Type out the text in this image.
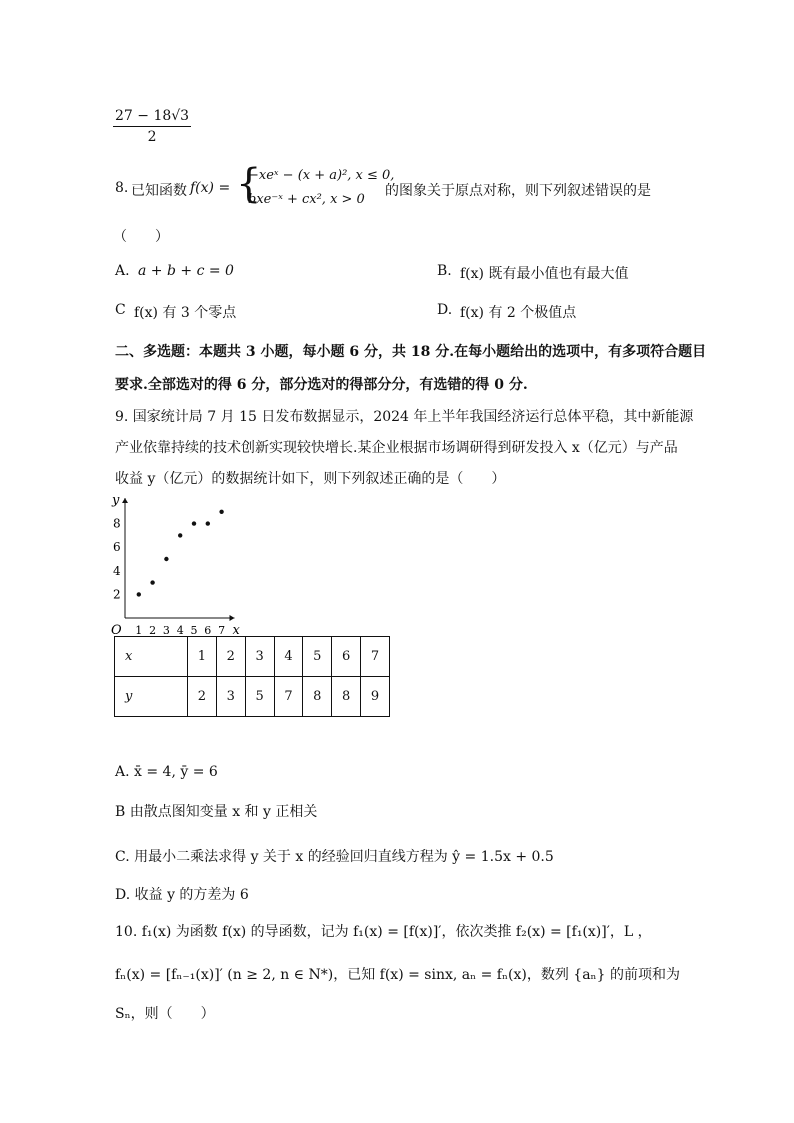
$\frac{27 - 18√3}{2}$
8. 已知函数 f(x) = {
−xeˣ − (x + a)², x ≤ 0,
bxe⁻ˣ + cx², x > 0
的图象关于原点对称，则下列叙述错误的是
（　　）
A. a + b + c = 0	B. f(x) 既有最小值也有最大值
C f(x) 有 3 个零点	D. f(x) 有 2 个极值点
二、多选题：本题共 3 小题，每小题 6 分，共 18 分.在每小题给出的选项中，有多项符合题目
要求.全部选对的得 6 分，部分选对的得部分分，有选错的得 0 分.
9. 国家统计局 7 月 15 日发布数据显示，2024 年上半年我国经济运行总体平稳，其中新能源
产业依靠持续的技术创新实现较快增长.某企业根据市场调研得到研发投入 x（亿元）与产品
收益 y（亿元）的数据统计如下，则下列叙述正确的是（　　）
x
y
O 1 2 3 4 5 6 7
2
4
6
8
x	1	2	3	4	5	6	7
y	2	3	5	7	8	8	9
A. x̄ = 4, ȳ = 6
B 由散点图知变量 x 和 y 正相关
C. 用最小二乘法求得 y 关于 x 的经验回归直线方程为 ŷ = 1.5x + 0.5
D. 收益 y 的方差为 6
10. f₁(x) 为函数 f(x) 的导函数，记为 f₁(x) = [f(x)]′，依次类推 f₂(x) = [f₁(x)]′，L ，
fₙ(x) = [fₙ₋₁(x)]′ (n ≥ 2, n ∈ N*)，已知 f(x) = sinx, aₙ = fₙ(x)，数列 {aₙ} 的前项和为
Sₙ，则（　　）
